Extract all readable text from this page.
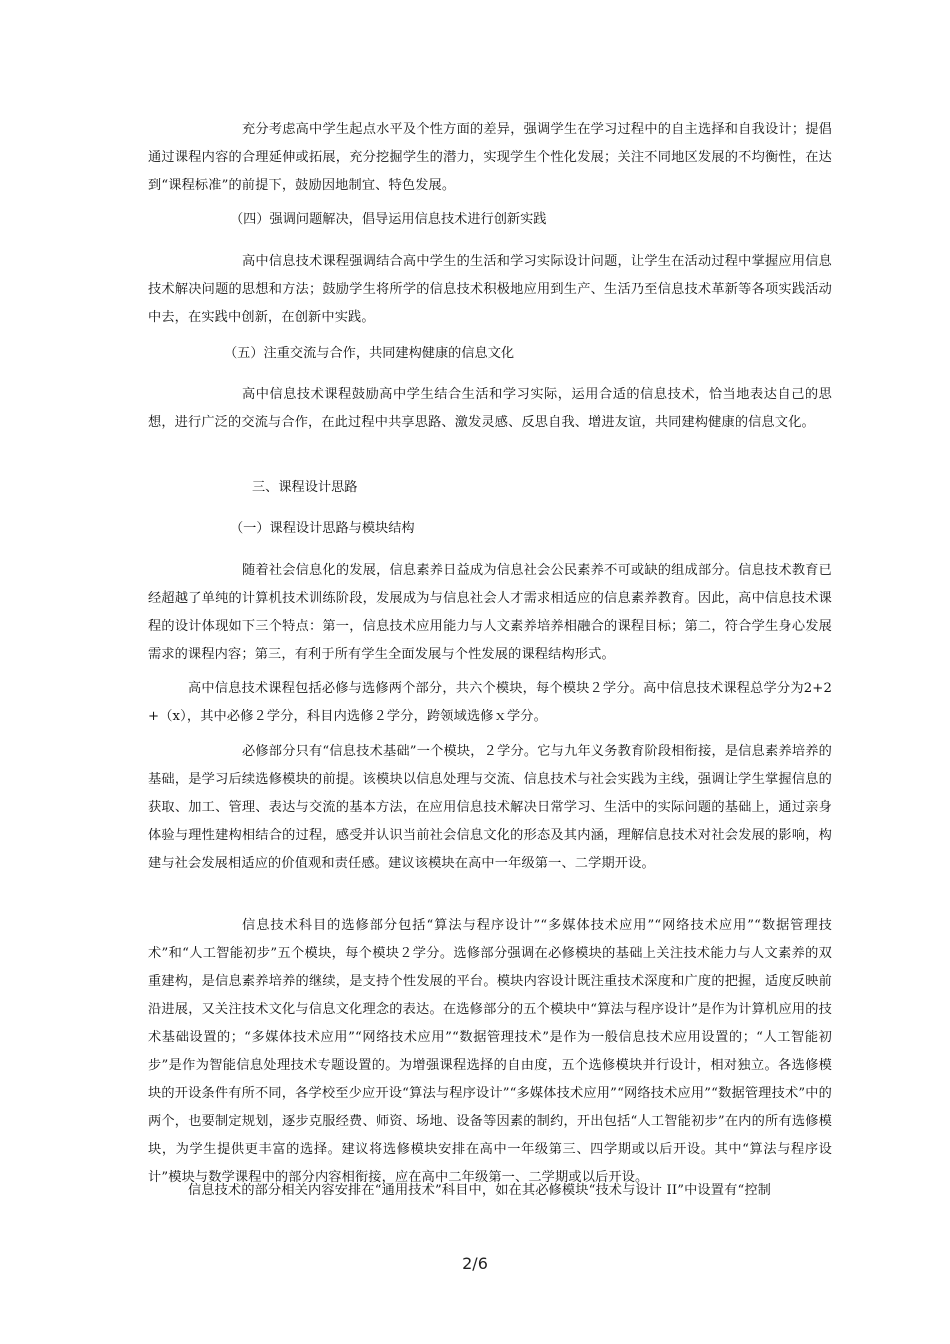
充分考虑高中学生起点水平及个性方面的差异，强调学生在学习过程中的自主选择和自我设计；提倡通过课程内容的合理延伸或拓展，充分挖掘学生的潜力，实现学生个性化发展；关注不同地区发展的不均衡性，在达到“课程标准”的前提下，鼓励因地制宜、特色发展。

（四）强调问题解决，倡导运用信息技术进行创新实践

高中信息技术课程强调结合高中学生的生活和学习实际设计问题，让学生在活动过程中掌握应用信息技术解决问题的思想和方法；鼓励学生将所学的信息技术积极地应用到生产、生活乃至信息技术革新等各项实践活动中去，在实践中创新，在创新中实践。

（五）注重交流与合作，共同建构健康的信息文化

高中信息技术课程鼓励高中学生结合生活和学习实际，运用合适的信息技术，恰当地表达自己的思想，进行广泛的交流与合作，在此过程中共享思路、激发灵感、反思自我、增进友谊，共同建构健康的信息文化。

三、课程设计思路

（一）课程设计思路与模块结构

随着社会信息化的发展，信息素养日益成为信息社会公民素养不可或缺的组成部分。信息技术教育已经超越了单纯的计算机技术训练阶段，发展成为与信息社会人才需求相适应的信息素养教育。因此，高中信息技术课程的设计体现如下三个特点：第一，信息技术应用能力与人文素养培养相融合的课程目标；第二，符合学生身心发展需求的课程内容；第三，有利于所有学生全面发展与个性发展的课程结构形式。

高中信息技术课程包括必修与选修两个部分，共六个模块，每个模块２学分。高中信息技术课程总学分为2+2+（x），其中必修２学分，科目内选修２学分，跨领域选修ｘ学分。

必修部分只有“信息技术基础”一个模块，２学分。它与九年义务教育阶段相衔接，是信息素养培养的基础，是学习后续选修模块的前提。该模块以信息处理与交流、信息技术与社会实践为主线，强调让学生掌握信息的获取、加工、管理、表达与交流的基本方法，在应用信息技术解决日常学习、生活中的实际问题的基础上，通过亲身体验与理性建构相结合的过程，感受并认识当前社会信息文化的形态及其内涵，理解信息技术对社会发展的影响，构建与社会发展相适应的价值观和责任感。建议该模块在高中一年级第一、二学期开设。

信息技术科目的选修部分包括“算法与程序设计”“多媒体技术应用”“网络技术应用”“数据管理技术”和“人工智能初步”五个模块，每个模块２学分。选修部分强调在必修模块的基础上关注技术能力与人文素养的双重建构，是信息素养培养的继续，是支持个性发展的平台。模块内容设计既注重技术深度和广度的把握，适度反映前沿进展，又关注技术文化与信息文化理念的表达。在选修部分的五个模块中“算法与程序设计”是作为计算机应用的技术基础设置的；“多媒体技术应用”“网络技术应用”“数据管理技术”是作为一般信息技术应用设置的；“人工智能初步”是作为智能信息处理技术专题设置的。为增强课程选择的自由度，五个选修模块并行设计，相对独立。各选修模块的开设条件有所不同，各学校至少应开设“算法与程序设计”“多媒体技术应用”“网络技术应用”“数据管理技术”中的两个，也要制定规划，逐步克服经费、师资、场地、设备等因素的制约，开出包括“人工智能初步”在内的所有选修模块，为学生提供更丰富的选择。建议将选修模块安排在高中一年级第三、四学期或以后开设。其中“算法与程序设计”模块与数学课程中的部分内容相衔接，应在高中二年级第一、二学期或以后开设。

信息技术的部分相关内容安排在“通用技术”科目中，如在其必修模块“技术与设计 II”中设置有“控制

2/6
